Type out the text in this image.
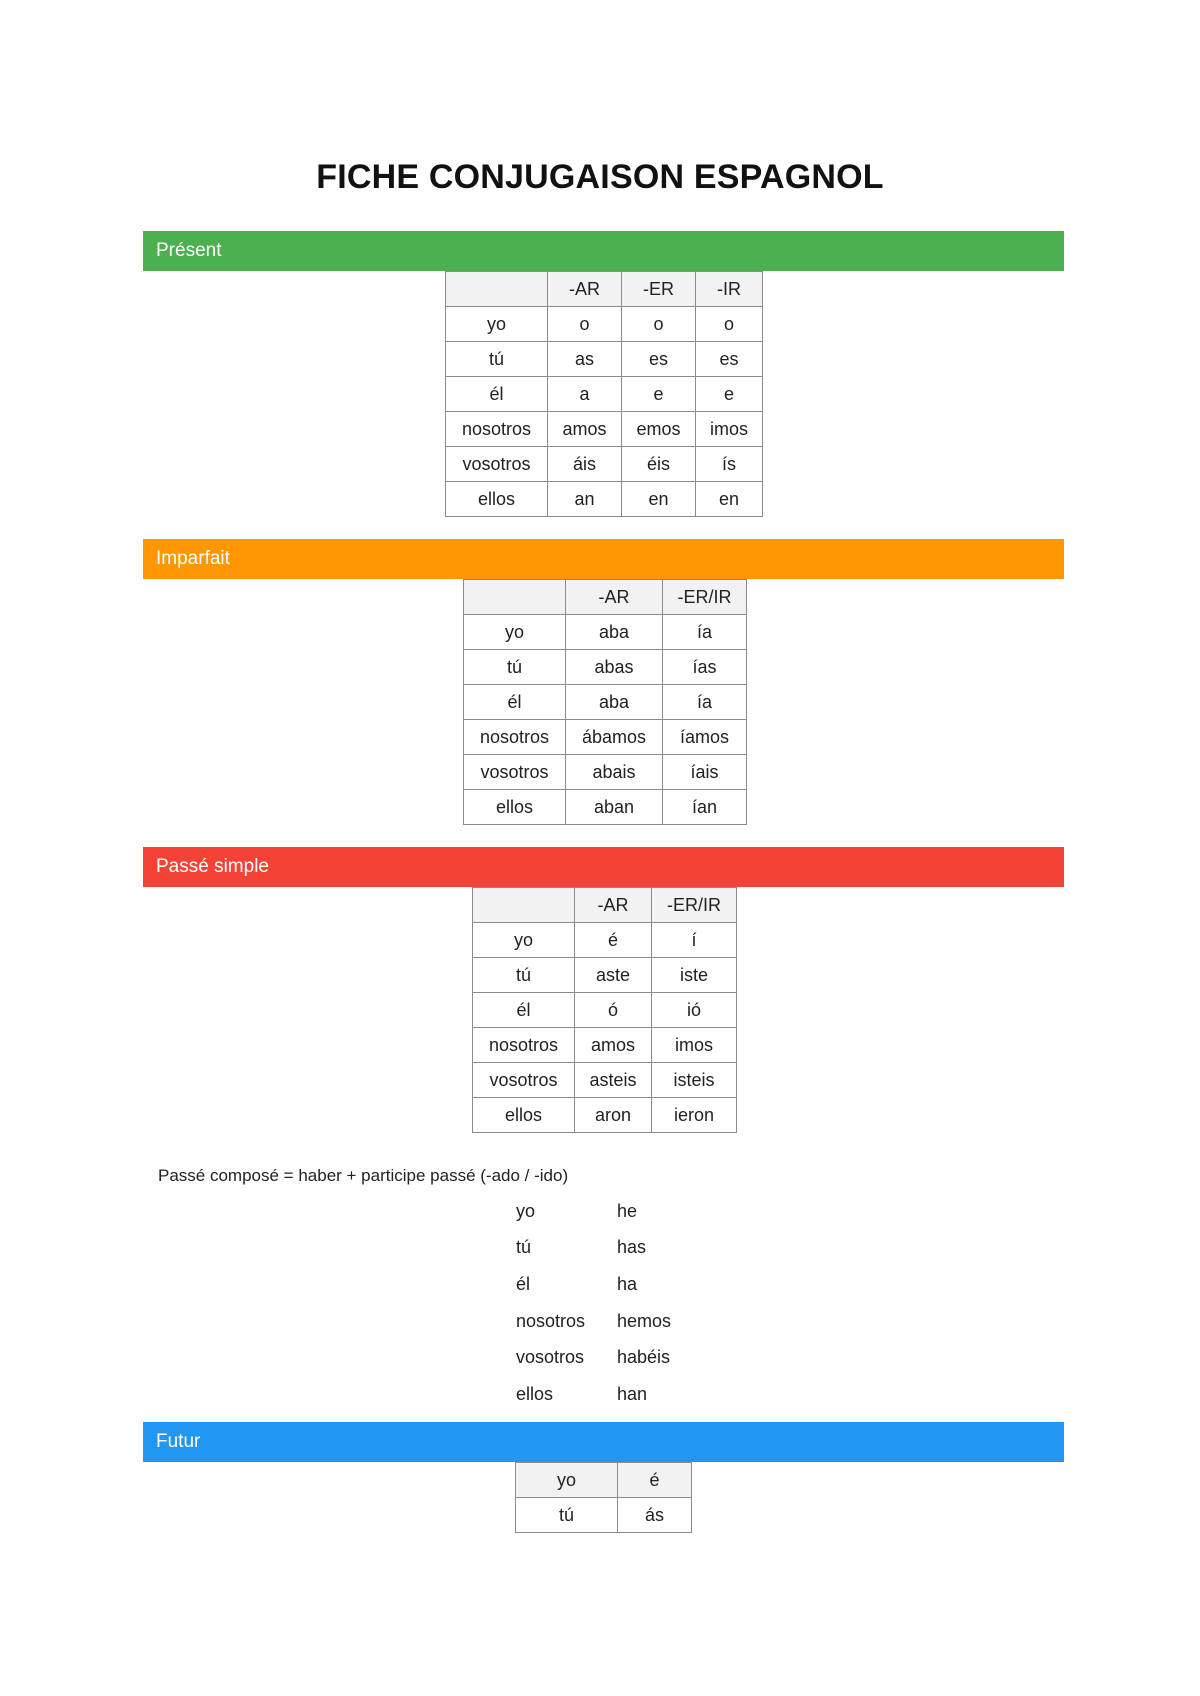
FICHE CONJUGAISON ESPAGNOL
Présent
	-AR	-ER	-IR
yo	o	o	o
tú	as	es	es
él	a	e	e
nosotros	amos	emos	imos
vosotros	áis	éis	ís
ellos	an	en	en
Imparfait
	-AR	-ER/IR
yo	aba	ía
tú	abas	ías
él	aba	ía
nosotros	ábamos	íamos
vosotros	abais	íais
ellos	aban	ían
Passé simple
	-AR	-ER/IR
yo	é	í
tú	aste	iste
él	ó	ió
nosotros	amos	imos
vosotros	asteis	isteis
ellos	aron	ieron

Passé composé = haber + participe passé (-ado / -ido)

yo	he
tú	has
él	ha
nosotros	hemos
vosotros	habéis
ellos	han
Futur
yo	é
tú	ás
